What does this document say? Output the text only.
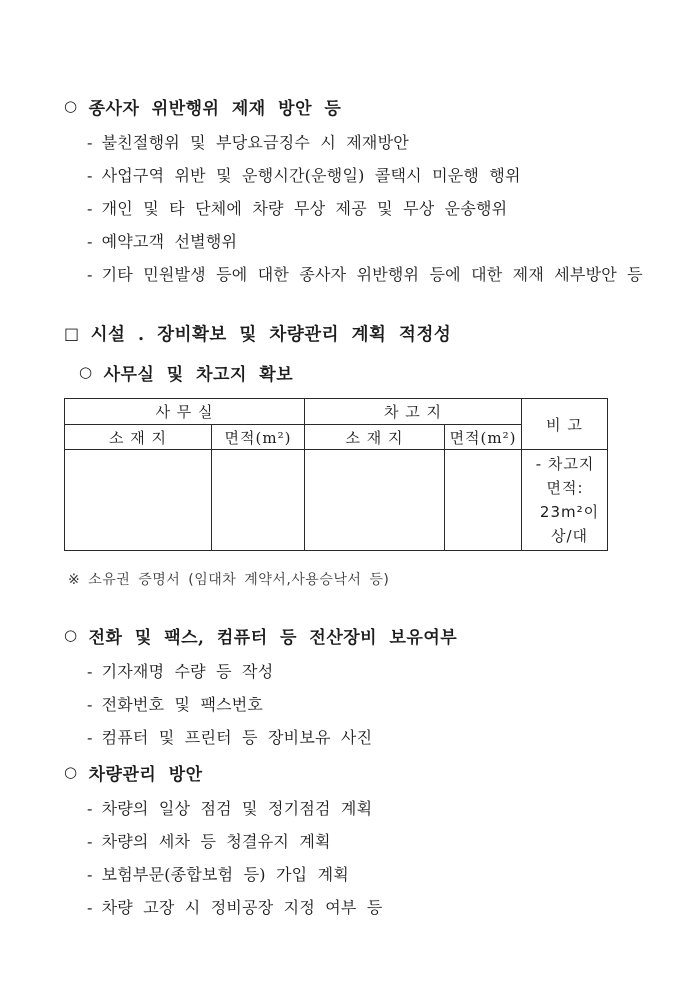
○ 종사자 위반행위 제재 방안 등
- 불친절행위 및 부당요금징수 시 제재방안
- 사업구역 위반 및 운행시간(운행일) 콜택시 미운행 행위
- 개인 및 타 단체에 차량 무상 제공 및 무상 운송행위
- 예약고객 선별행위
- 기타 민원발생 등에 대한 종사자 위반행위 등에 대한 제재 세부방안 등
□ 시설 . 장비확보 및 차량관리 계획 적정성
○ 사무실 및 차고지 확보
사 무 실		차 고 지		비 고
소 재 지	면적(m²)	소 재 지	면적(m²)	

				- 차고지 면적:
23m²이상/대
※ 소유권 증명서 (임대차 계약서,사용승낙서 등)
○ 전화 및 팩스, 컴퓨터 등 전산장비 보유여부
- 기자재명 수량 등 작성
- 전화번호 및 팩스번호
- 컴퓨터 및 프린터 등 장비보유 사진
○ 차량관리 방안
- 차량의 일상 점검 및 정기점검 계획
- 차량의 세차 등 청결유지 계획
- 보험부문(종합보험 등) 가입 계획
- 차량 고장 시 정비공장 지정 여부 등
